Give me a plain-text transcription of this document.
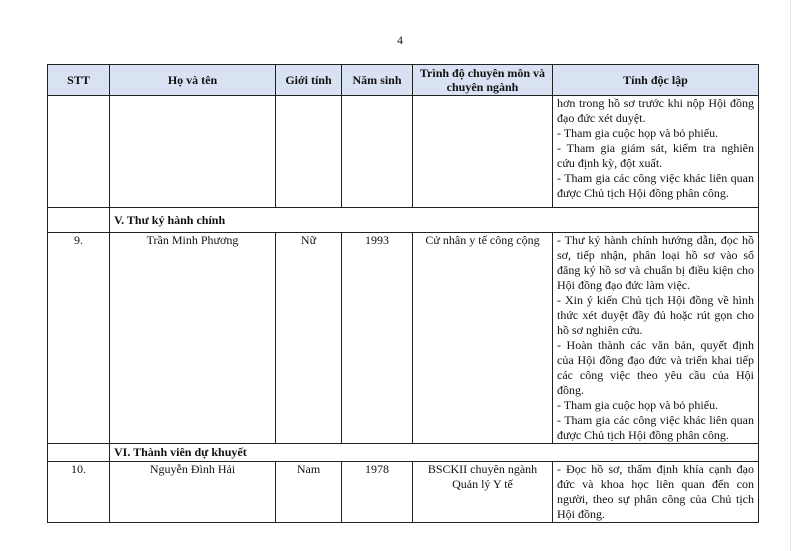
4
STT	Họ và tên	Giới tính	Năm sinh	Trình độ chuyên môn và chuyên ngành	Tính độc lập

					hơn trong hồ sơ trước khi nộp Hội đồng đạo đức xét duyệt.
- Tham gia cuộc họp và bỏ phiếu.
- Tham gia giám sát, kiểm tra nghiên cứu định kỳ, đột xuất.
- Tham gia các công việc khác liên quan được Chủ tịch Hội đồng phân công.

	V. Thư ký hành chính				
9.	Trần Minh Phương	Nữ	1993	Cử nhân y tế công cộng	- Thư ký hành chính hướng dẫn, đọc hồ sơ, tiếp nhận, phân loại hồ sơ vào sổ đăng ký hồ sơ và chuẩn bị điều kiện cho Hội đồng đạo đức làm việc.
- Xin ý kiến Chủ tịch Hội đồng về hình thức xét duyệt đầy đủ hoặc rút gọn cho hồ sơ nghiên cứu.
- Hoàn thành các văn bản, quyết định của Hội đồng đạo đức và triển khai tiếp các công việc theo yêu cầu của Hội đồng.
- Tham gia cuộc họp và bỏ phiếu.
- Tham gia các công việc khác liên quan được Chủ tịch Hội đồng phân công.

	VI. Thành viên dự khuyết				
10.	Nguyễn Đình Hải	Nam	1978	BSCKII chuyên ngành Quản lý Y tế	- Đọc hồ sơ, thẩm định khía cạnh đạo đức và khoa học liên quan đến con người, theo sự phân công của Chủ tịch Hội đồng.
